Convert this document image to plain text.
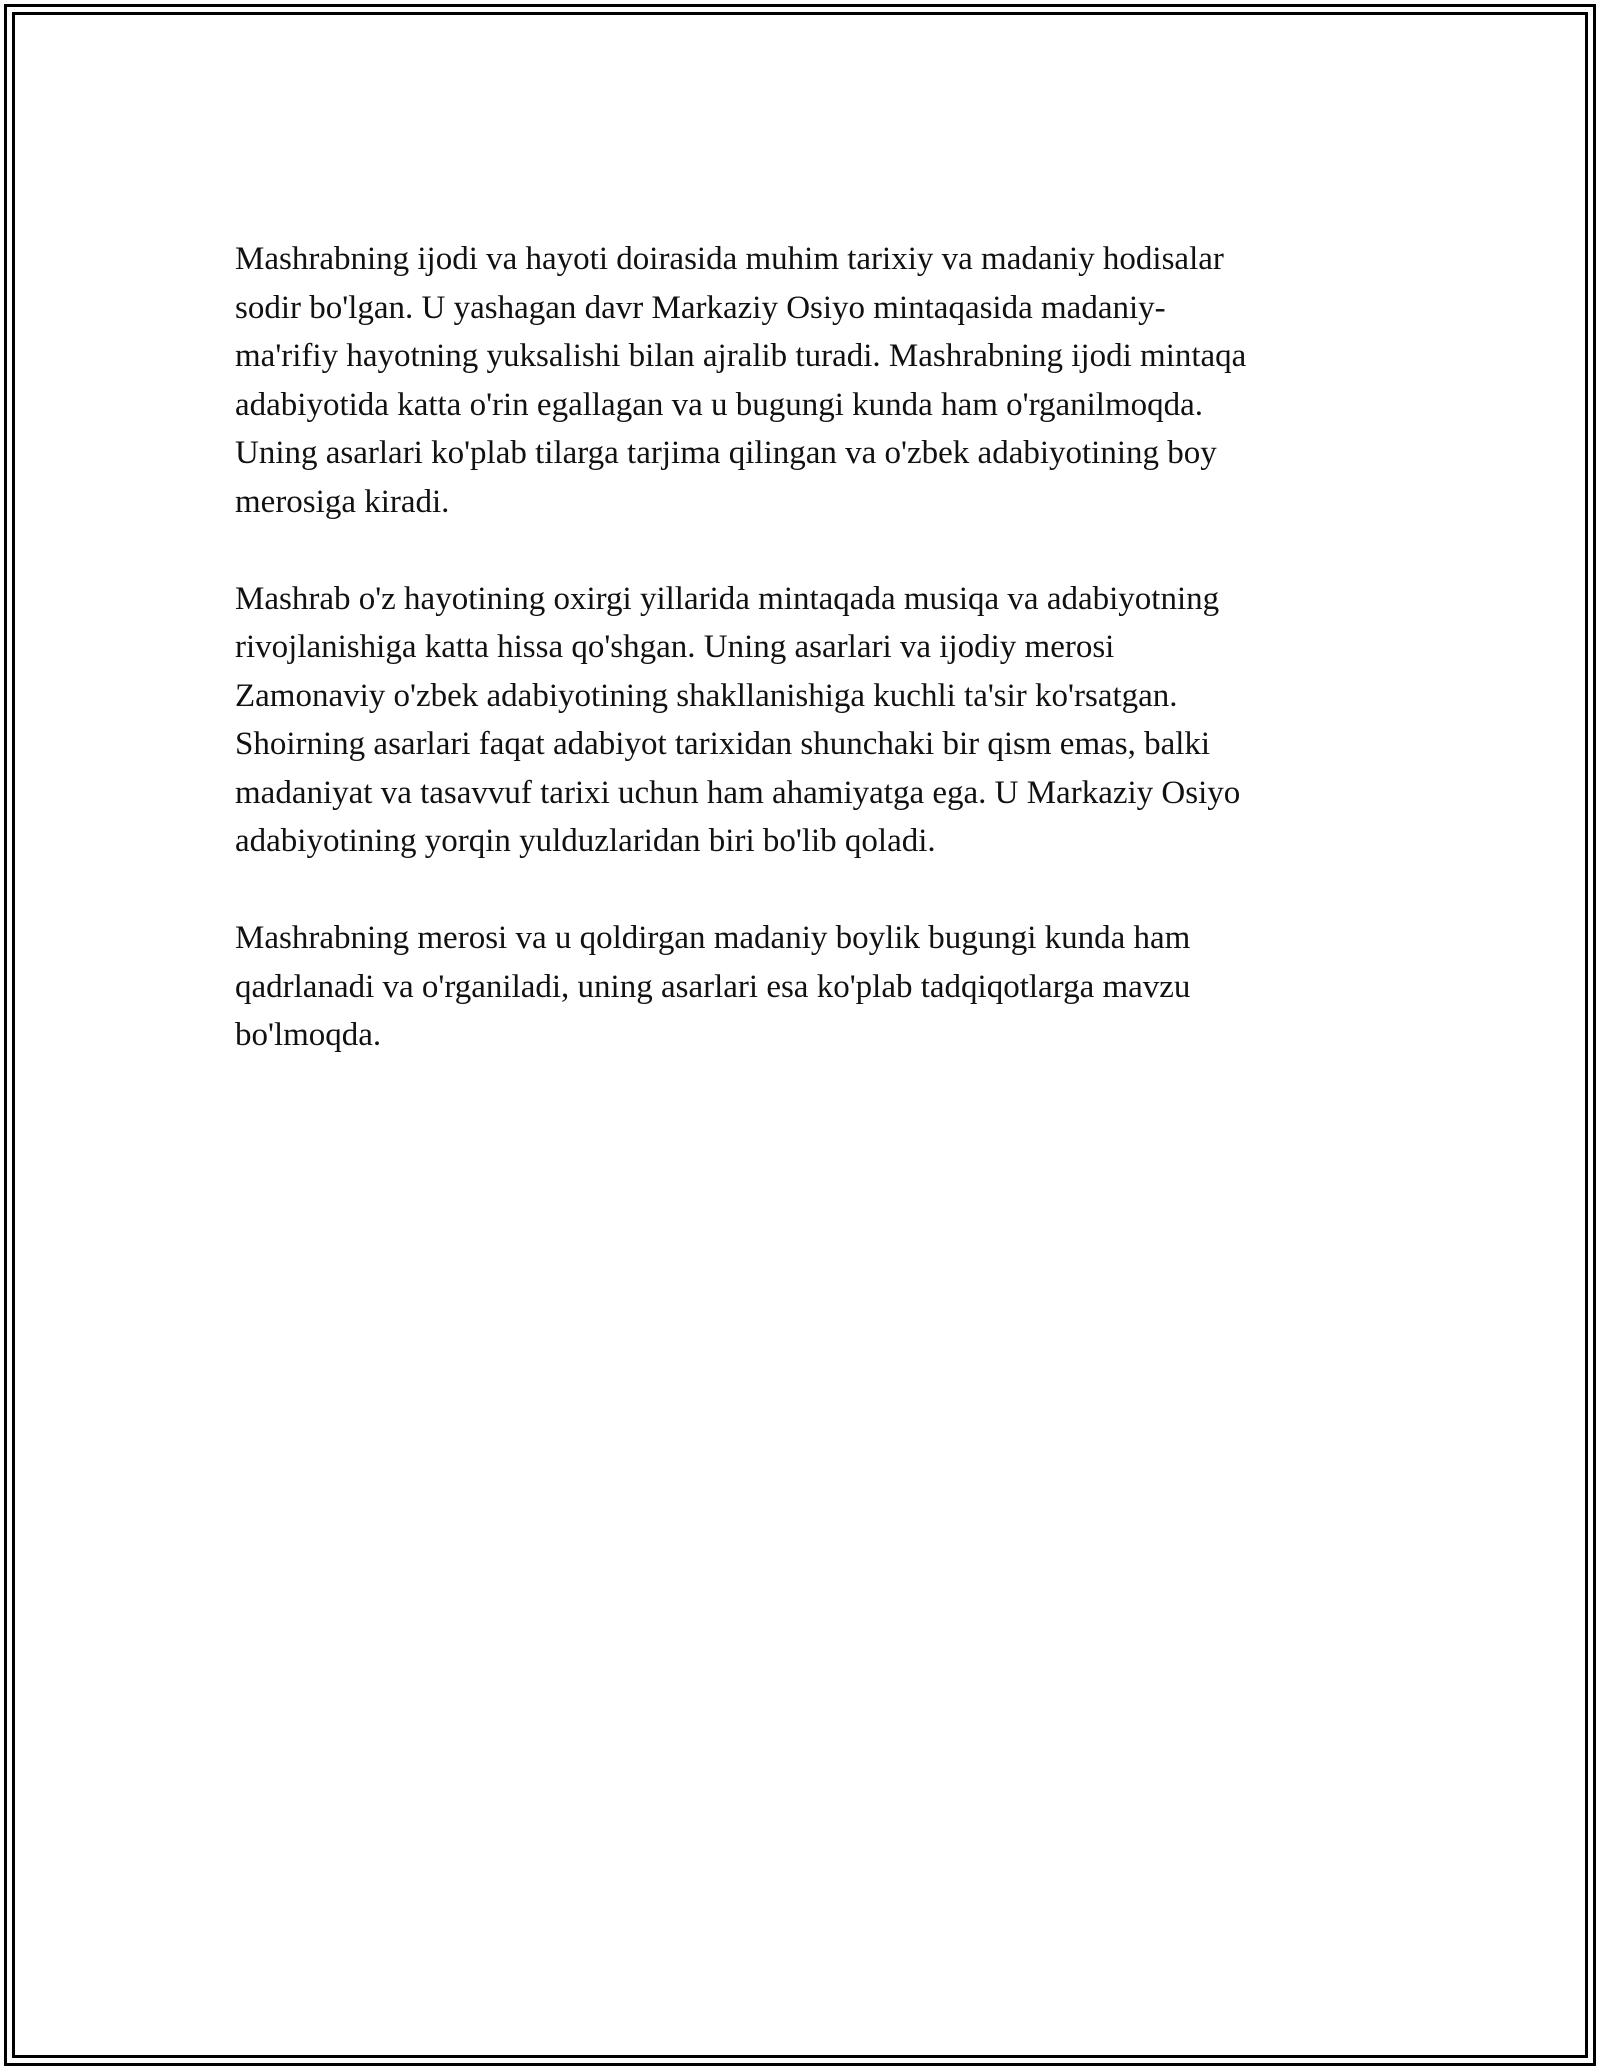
Mashrabning ijodi va hayoti doirasida muhim tarixiy va madaniy hodisalar
sodir bo'lgan. U yashagan davr Markaziy Osiyo mintaqasida madaniy-
ma'rifiy hayotning yuksalishi bilan ajralib turadi. Mashrabning ijodi mintaqa
adabiyotida katta o'rin egallagan va u bugungi kunda ham o'rganilmoqda.
Uning asarlari ko'plab tilarga tarjima qilingan va o'zbek adabiyotining boy
merosiga kiradi.

Mashrab o'z hayotining oxirgi yillarida mintaqada musiqa va adabiyotning
rivojlanishiga katta hissa qo'shgan. Uning asarlari va ijodiy merosi
Zamonaviy o'zbek adabiyotining shakllanishiga kuchli ta'sir ko'rsatgan.
Shoirning asarlari faqat adabiyot tarixidan shunchaki bir qism emas, balki
madaniyat va tasavvuf tarixi uchun ham ahamiyatga ega. U Markaziy Osiyo
adabiyotining yorqin yulduzlaridan biri bo'lib qoladi.

Mashrabning merosi va u qoldirgan madaniy boylik bugungi kunda ham
qadrlanadi va o'rganiladi, uning asarlari esa ko'plab tadqiqotlarga mavzu
bo'lmoqda.
